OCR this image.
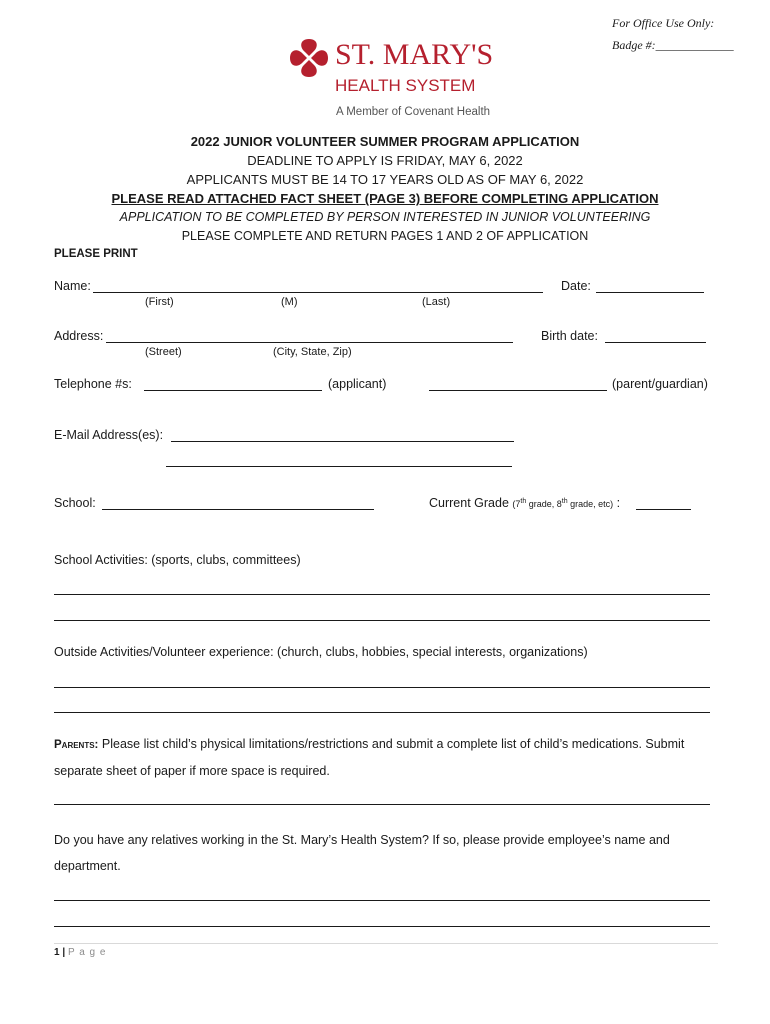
For Office Use Only:
Badge #:_____________
ST. MARY'S
HEALTH SYSTEM
A Member of Covenant Health
2022 JUNIOR VOLUNTEER SUMMER PROGRAM APPLICATION
DEADLINE TO APPLY IS FRIDAY, MAY 6, 2022
APPLICANTS MUST BE 14 TO 17 YEARS OLD AS OF MAY 6, 2022
PLEASE READ ATTACHED FACT SHEET (PAGE 3) BEFORE COMPLETING APPLICATION
APPLICATION TO BE COMPLETED BY PERSON INTERESTED IN JUNIOR VOLUNTEERING
PLEASE COMPLETE AND RETURN PAGES 1 AND 2 OF APPLICATION
PLEASE PRINT
Name:	Date:
(First)	(M)	(Last)
Address:	Birth date:
(Street)	(City, State, Zip)
Telephone #s:	(applicant)	(parent/guardian)
E-Mail Address(es):
School:	Current Grade (7th grade, 8th grade, etc) :
School Activities: (sports, clubs, committees)
Outside Activities/Volunteer experience: (church, clubs, hobbies, special interests, organizations)
Parents: Please list child’s physical limitations/restrictions and submit a complete list of child’s medications. Submit
separate sheet of paper if more space is required.
Do you have any relatives working in the St. Mary’s Health System? If so, please provide employee’s name and
department.
1 | P a g e
